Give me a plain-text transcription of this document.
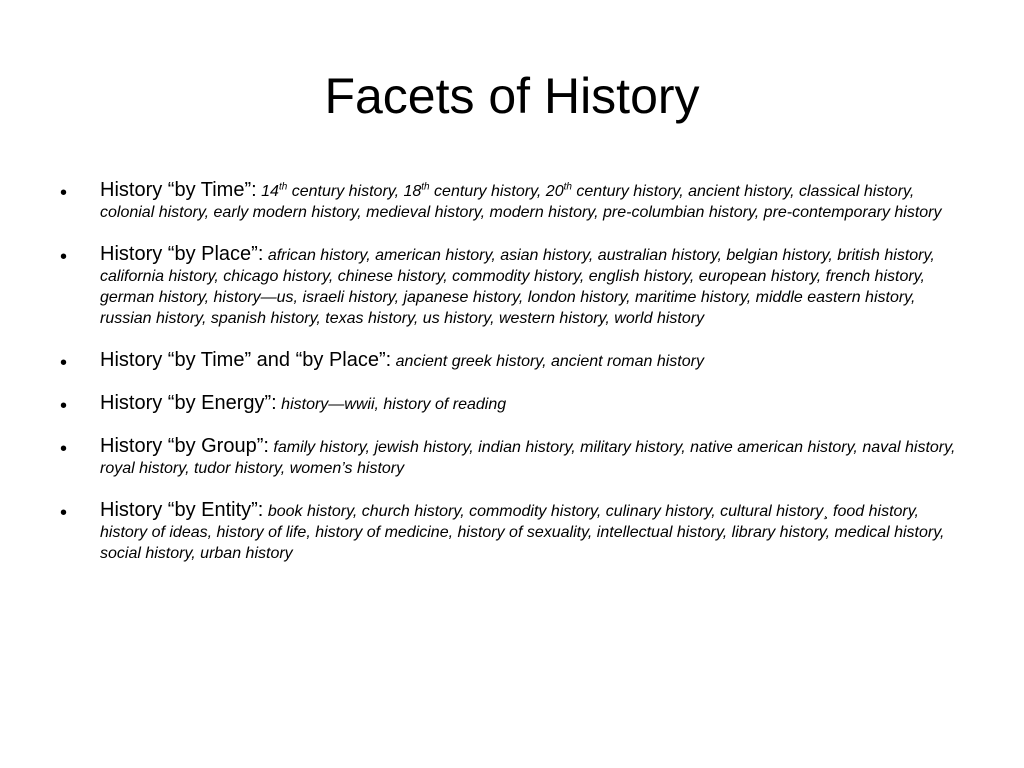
Facets of History
• History “by Time”: 14th century history, 18th century history, 20th century history, ancient history, classical history, colonial history, early modern history, medieval history, modern history, pre-columbian history, pre-contemporary history
• History “by Place”: african history, american history, asian history, australian history, belgian history, british history, california history, chicago history, chinese history, commodity history, english history, european history, french history, german history, history—us, israeli history, japanese history, london history, maritime history, middle eastern history, russian history, spanish history, texas history, us history, western history, world history
• History “by Time” and “by Place”: ancient greek history, ancient roman history
• History “by Energy”: history—wwii, history of reading
• History “by Group”: family history, jewish history, indian history, military history, native american history, naval history, royal history, tudor history, women’s history
• History “by Entity”: book history, church history, commodity history, culinary history, cultural history¸ food history, history of ideas, history of life, history of medicine, history of sexuality, intellectual history, library history, medical history, social history, urban history
